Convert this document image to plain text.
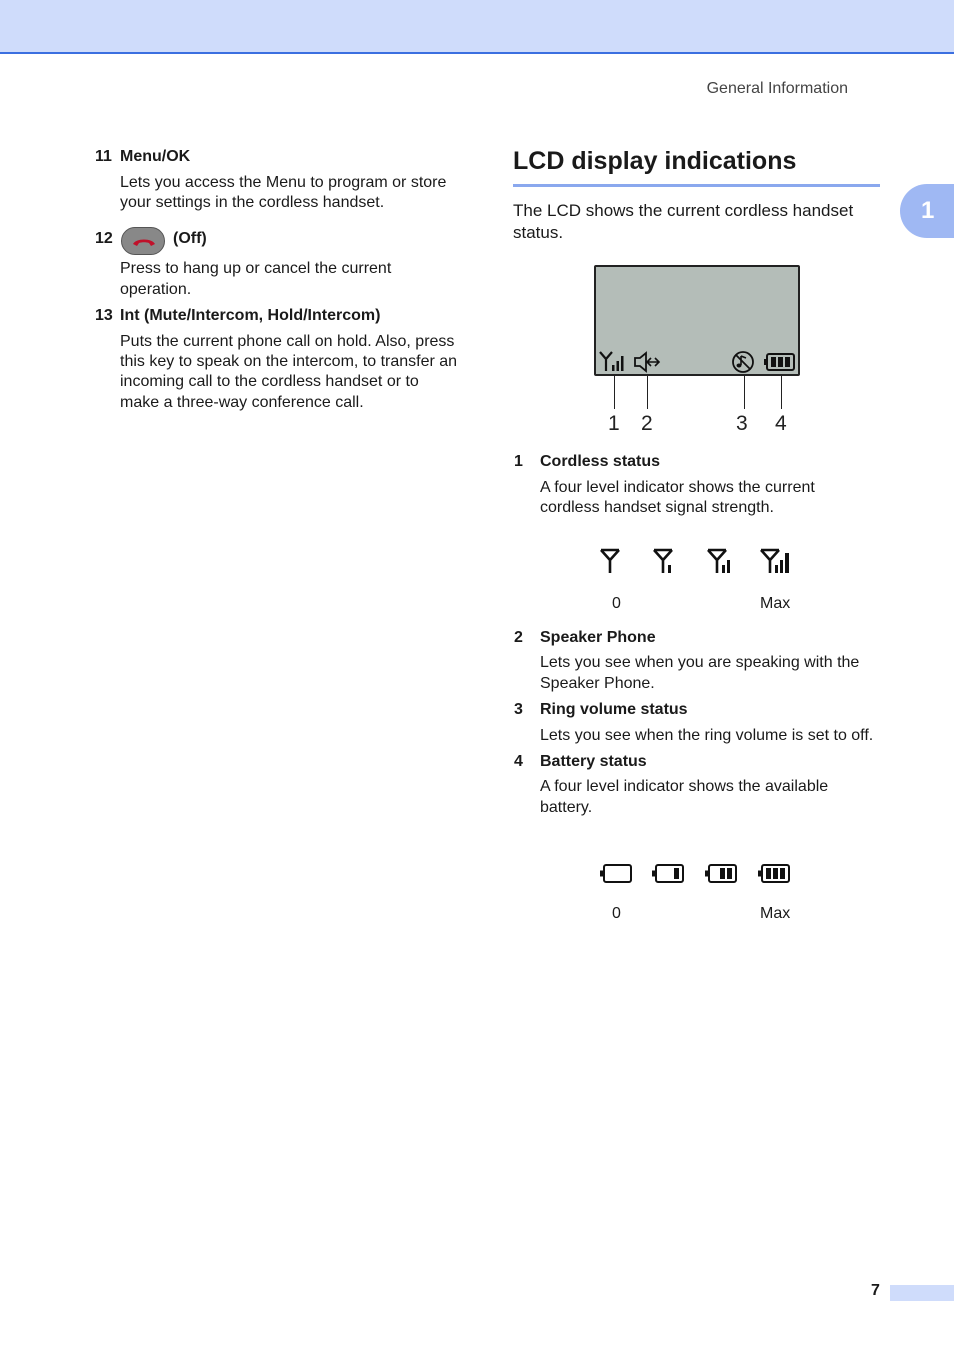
General Information
1
11 Menu/OK
Lets you access the Menu to program or store
your settings in the cordless handset.
12	(Off)
Press to hang up or cancel the current
operation.
13 Int (Mute/Intercom, Hold/Intercom)
Puts the current phone call on hold. Also, press
this key to speak on the intercom, to transfer an
incoming call to the cordless handset or to
make a three-way conference call.
LCD display indications
The LCD shows the current cordless handset
status.
1 2	3 4
1 Cordless status
A four level indicator shows the current
cordless handset signal strength.
0	Max
2 Speaker Phone
Lets you see when you are speaking with the
Speaker Phone.
3 Ring volume status
Lets you see when the ring volume is set to off.
4 Battery status
A four level indicator shows the available
battery.
0	Max
7
